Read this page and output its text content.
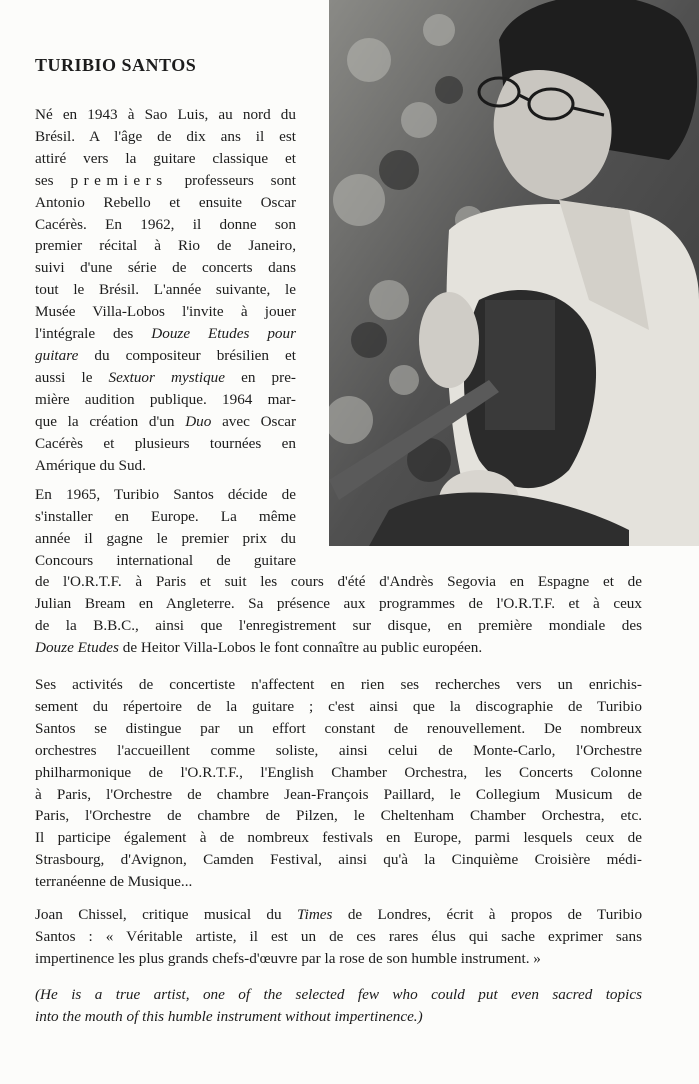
TURIBIO SANTOS
Né en 1943 à Sao Luis, au nord du
Brésil. A l'âge de dix ans il est
attiré vers la guitare classique et
ses premiers professeurs sont
Antonio Rebello et ensuite Oscar
Cacérès. En 1962, il donne son
premier récital à Rio de Janeiro,
suivi d'une série de concerts dans
tout le Brésil. L'année suivante, le
Musée Villa-Lobos l'invite à jouer
l'intégrale des Douze Etudes pour
guitare du compositeur brésilien et
aussi le Sextuor mystique en pre-
mière audition publique. 1964 mar-
que la création d'un Duo avec Oscar
Cacérès et plusieurs tournées en
Amérique du Sud.
En 1965, Turibio Santos décide de
s'installer en Europe. La même
année il gagne le premier prix du
Concours international de guitare
de l'O.R.T.F. à Paris et suit les cours d'été d'Andrès Segovia en Espagne et de
Julian Bream en Angleterre. Sa présence aux programmes de l'O.R.T.F. et à ceux
de la B.B.C., ainsi que l'enregistrement sur disque, en première mondiale des
Douze Etudes de Heitor Villa-Lobos le font connaître au public européen.
Ses activités de concertiste n'affectent en rien ses recherches vers un enrichis-
sement du répertoire de la guitare ; c'est ainsi que la discographie de Turibio
Santos se distingue par un effort constant de renouvellement. De nombreux
orchestres l'accueillent comme soliste, ainsi celui de Monte-Carlo, l'Orchestre
philharmonique de l'O.R.T.F., l'English Chamber Orchestra, les Concerts Colonne
à Paris, l'Orchestre de chambre Jean-François Paillard, le Collegium Musicum de
Paris, l'Orchestre de chambre de Pilzen, le Cheltenham Chamber Orchestra, etc.
Il participe également à de nombreux festivals en Europe, parmi lesquels ceux de
Strasbourg, d'Avignon, Camden Festival, ainsi qu'à la Cinquième Croisière médi-
terranéenne de Musique...
Joan Chissel, critique musical du Times de Londres, écrit à propos de Turibio
Santos : « Véritable artiste, il est un de ces rares élus qui sache exprimer sans
impertinence les plus grands chefs-d'œuvre par la rose de son humble instrument. »
(He is a true artist, one of the selected few who could put even sacred topics
into the mouth of this humble instrument without impertinence.)
